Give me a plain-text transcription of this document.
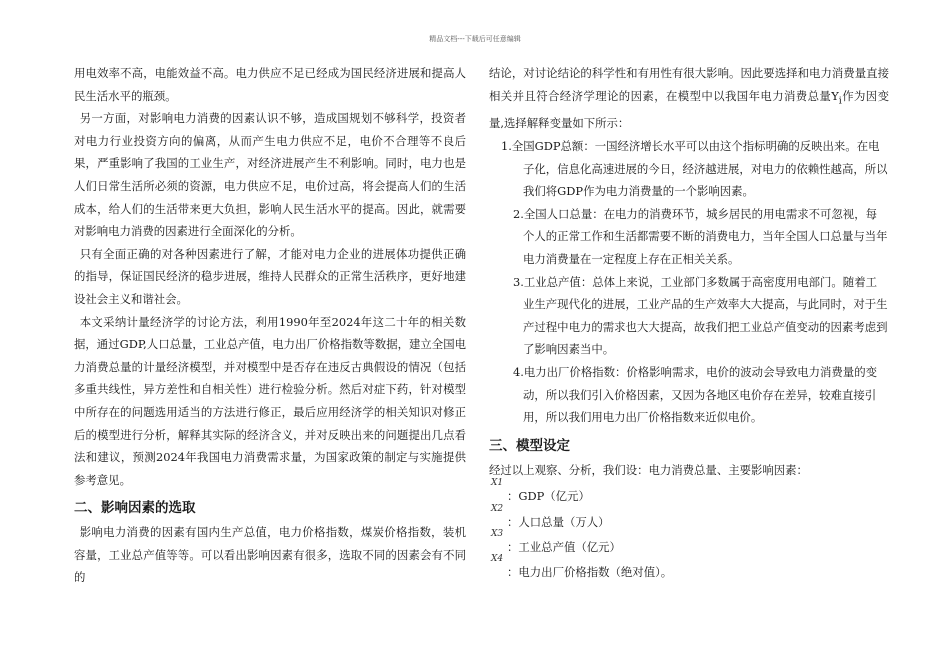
精品文档---下载后可任意编辑

用电效率不高，电能效益不高。电力供应不足已经成为国民经济进展和提高人民生活水平的瓶颈。

另一方面，对影响电力消费的因素认识不够，造成国规划不够科学，投资者对电力行业投资方向的偏离，从而产生电力供应不足，电价不合理等不良后果，严重影响了我国的工业生产，对经济进展产生不利影响。同时，电力也是人们日常生活所必须的资源，电力供应不足，电价过高，将会提高人们的生活成本，给人们的生活带来更大负担，影响人民生活水平的提高。因此，就需要对影响电力消费的因素进行全面深化的分析。

只有全面正确的对各种因素进行了解，才能对电力企业的进展体功提供正确的指导，保证国民经济的稳步进展，维持人民群众的正常生活秩序，更好地建设社会主义和谐社会。

本文采纳计量经济学的讨论方法，利用1990年至2024年这二十年的相关数据，通过GDP,人口总量，工业总产值，电力出厂价格指数等数据，建立全国电力消费总量的计量经济模型，并对模型中是否存在违反古典假设的情况（包括多重共线性，异方差性和自相关性）进行检验分析。然后对症下药，针对模型中所存在的问题选用适当的方法进行修正，最后应用经济学的相关知识对修正后的模型进行分析，解释其实际的经济含义，并对反映出来的问题提出几点看法和建议，预测2024年我国电力消费需求量，为国家政策的制定与实施提供参考意见。

二、影响因素的选取

影响电力消费的因素有国内生产总值，电力价格指数，煤炭价格指数，装机容量，工业总产值等等。可以看出影响因素有很多，选取不同的因素会有不同的

结论，对讨论结论的科学性和有用性有很大影响。因此要选择和电力消费量直接相关并且符合经济学理论的因素，在模型中以我国年电力消费总量$Y_i$作为因变量,选择解释变量如下所示：

1.全国GDP总额：一国经济增长水平可以由这个指标明确的反映出来。在电
子化，信息化高速进展的今日，经济越进展，对电力的依赖性越高，所以我们将GDP作为电力消费量的一个影响因素。
2.全国人口总量：在电力的消费环节，城乡居民的用电需求不可忽视，每
个人的正常工作和生活都需要不断的消费电力，当年全国人口总量与当年电力消费量在一定程度上存在正相关关系。
3.工业总产值：总体上来说，工业部门多数属于高密度用电部门。随着工
业生产现代化的进展，工业产品的生产效率大大提高，与此同时，对于生产过程中电力的需求也大大提高，故我们把工业总产值变动的因素考虑到了影响因素当中。
4.电力出厂价格指数：价格影响需求，电价的波动会导致电力消费量的变
动，所以我们引入价格因素，又因为各地区电价存在差异，较难直接引用，所以我们用电力出厂价格指数来近似电价。
三、模型设定

经过以上观察、分析，我们设：电力消费总量、主要影响因素：

X1
：GDP（亿元）
X2
：人口总量（万人）
X3
：工业总产值（亿元）
X4
：电力出厂价格指数（绝对值）。
